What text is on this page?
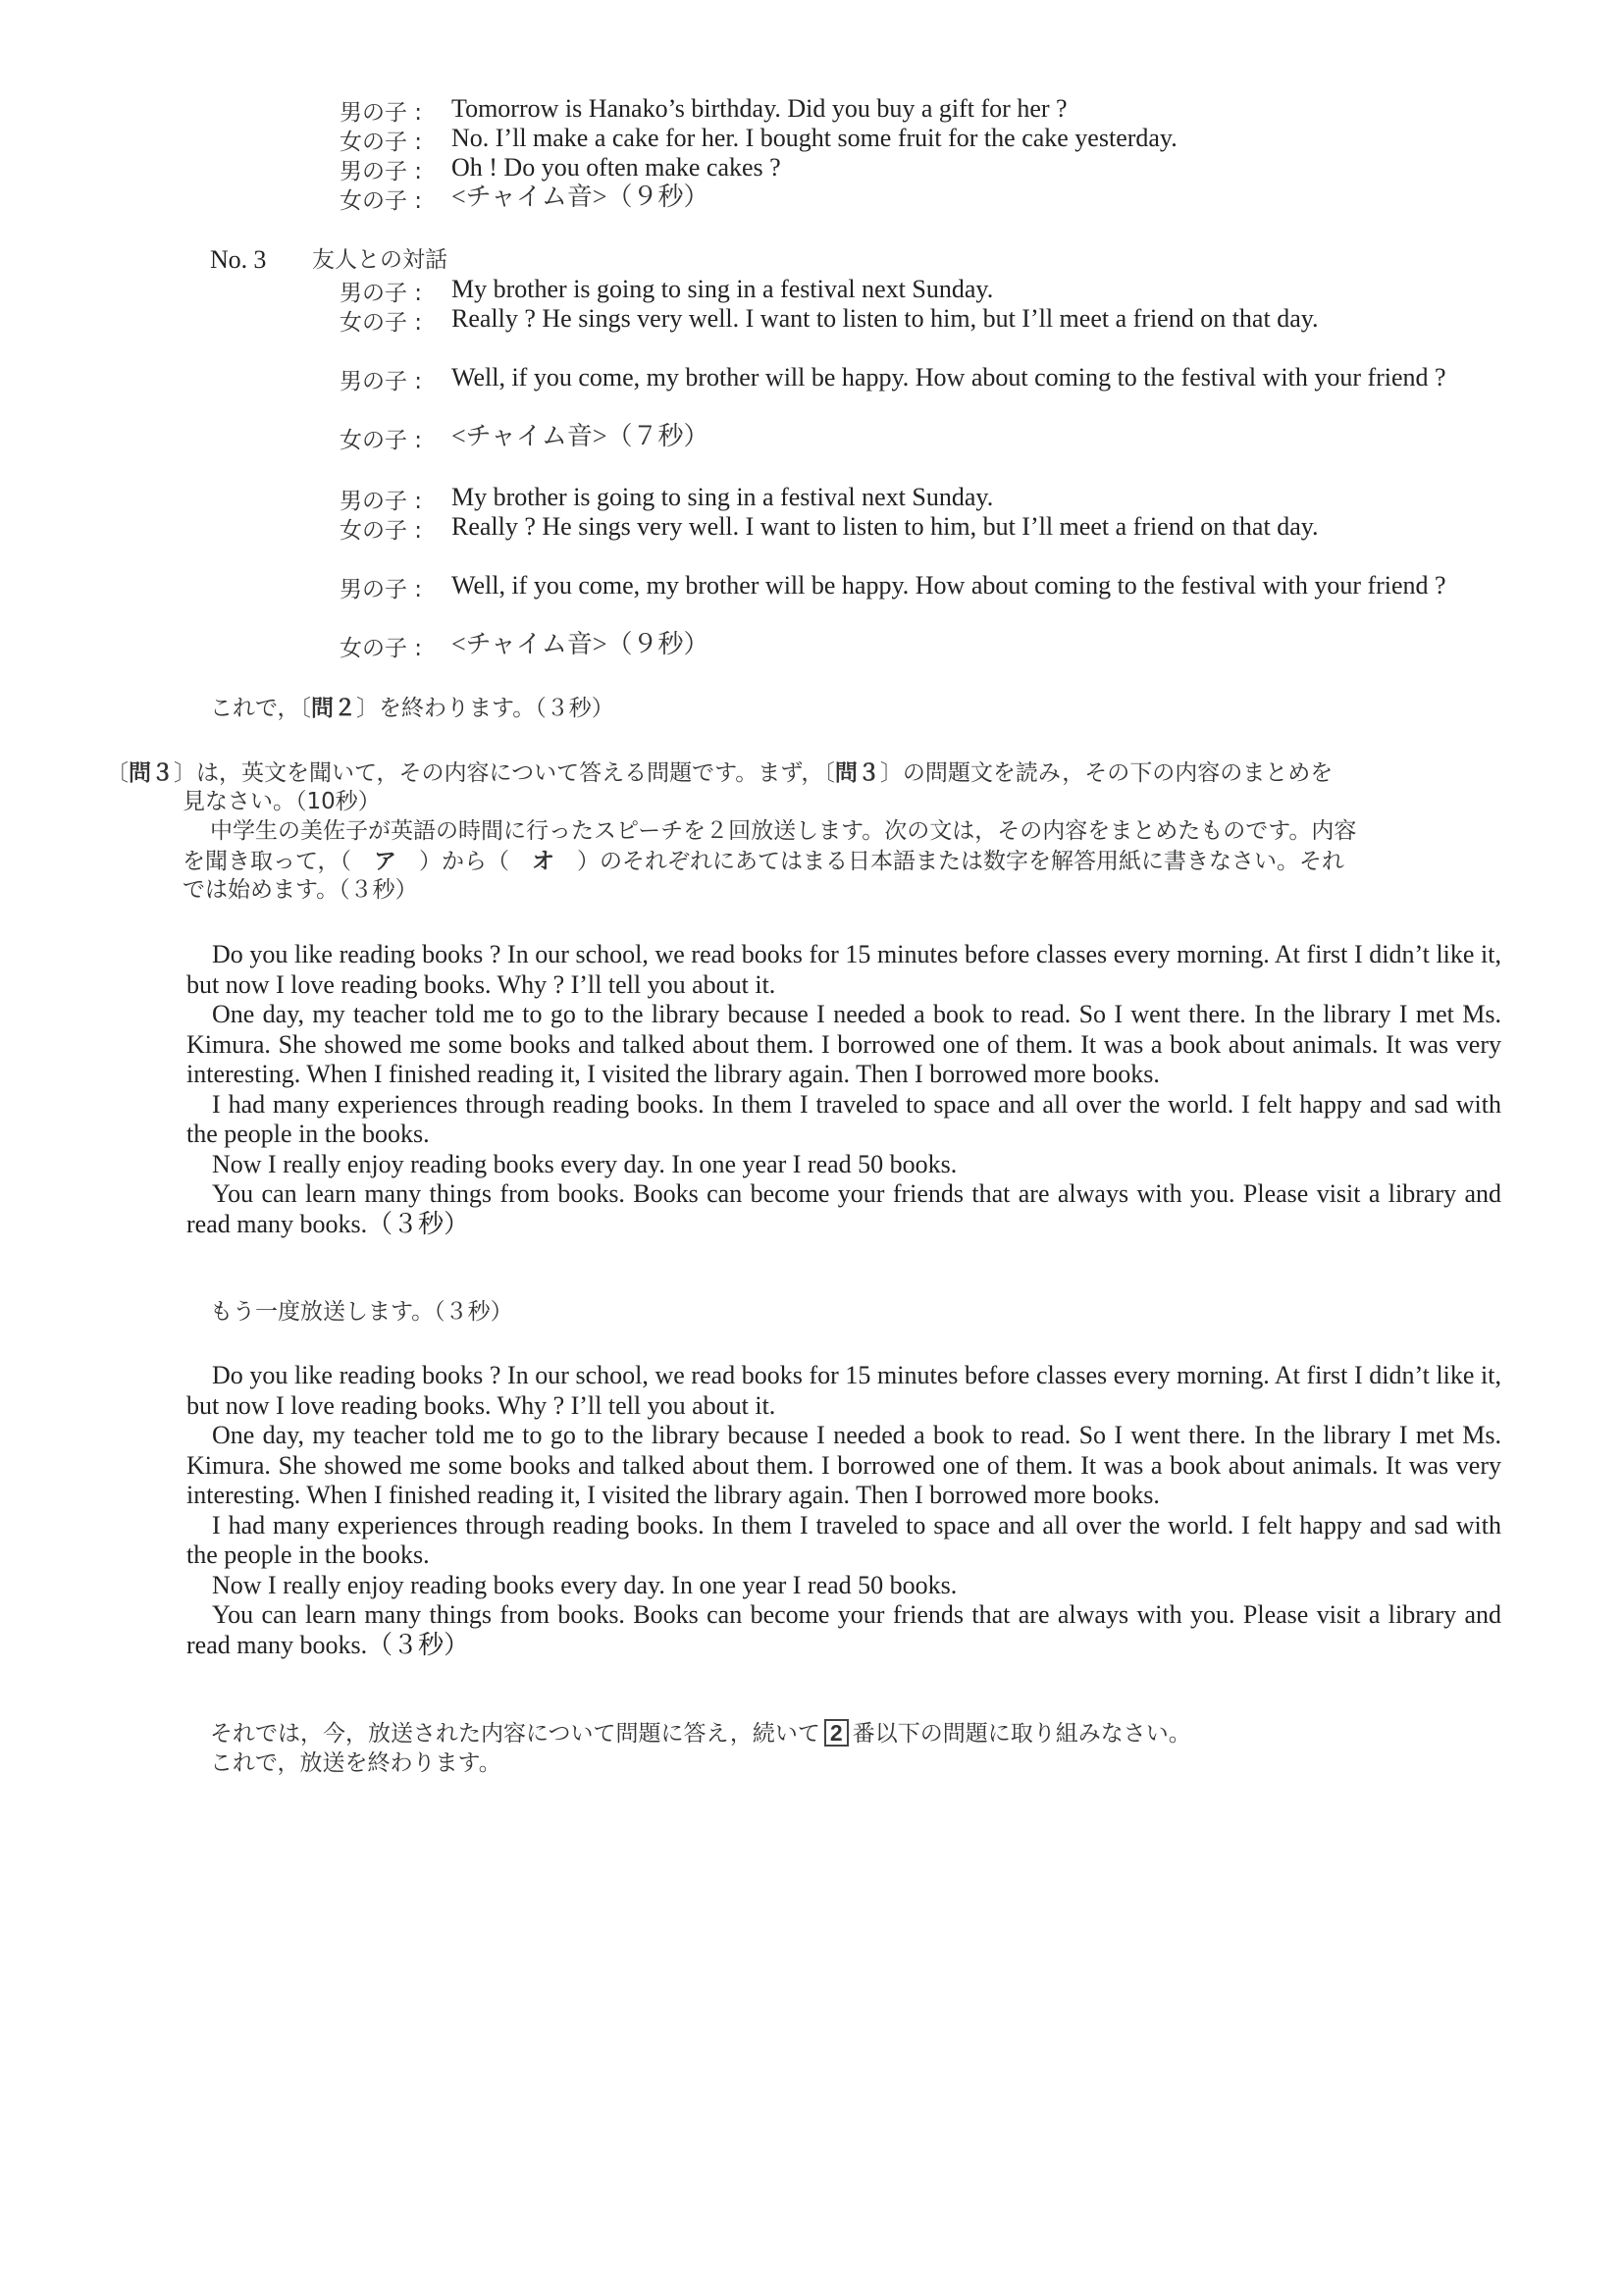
男の子 :	Tomorrow is Hanako’s birthday. Did you buy a gift for her ?
女の子 :	No. I’ll make a cake for her. I bought some fruit for the cake yesterday.
男の子 :	Oh ! Do you often make cakes ?
女の子 :	<チャイム音>（９秒）
No. 3 友人との対話
男の子 :	My brother is going to sing in a festival next Sunday.
女の子 :	Really ? He sings very well. I want to listen to him, but I’ll meet a friend on that day.
男の子 :	Well, if you come, my brother will be happy. How about coming to the festival with your friend ?
女の子 :	<チャイム音>（７秒）
男の子 :	My brother is going to sing in a festival next Sunday.
女の子 :	Really ? He sings very well. I want to listen to him, but I’ll meet a friend on that day.
男の子 :	Well, if you come, my brother will be happy. How about coming to the festival with your friend ?
女の子 :	<チャイム音>（９秒）
これで，〔問２〕を終わります。（３秒）
〔問３〕は，英文を聞いて，その内容について答える問題です。まず，〔問３〕の問題文を読み，その下の内容のまとめを
見なさい。（10秒）
中学生の美佐子が英語の時間に行ったスピーチを２回放送します。次の文は，その内容をまとめたものです。内容
を聞き取って，（　ア　）から（　オ　）のそれぞれにあてはまる日本語または数字を解答用紙に書きなさい。それ
では始めます。（３秒）

Do you like reading books ? In our school, we read books for 15 minutes before classes every morning. At first I didn’t like it, but now I love reading books. Why ? I’ll tell you about it.

One day, my teacher told me to go to the library because I needed a book to read. So I went there. In the library I met Ms. Kimura. She showed me some books and talked about them. I borrowed one of them. It was a book about animals. It was very interesting. When I finished reading it, I visited the library again. Then I borrowed more books.

I had many experiences through reading books. In them I traveled to space and all over the world. I felt happy and sad with the people in the books.

Now I really enjoy reading books every day. In one year I read 50 books.

You can learn many things from books. Books can become your friends that are always with you. Please visit a library and read many books.（３秒）

もう一度放送します。（３秒）

Do you like reading books ? In our school, we read books for 15 minutes before classes every morning. At first I didn’t like it, but now I love reading books. Why ? I’ll tell you about it.

One day, my teacher told me to go to the library because I needed a book to read. So I went there. In the library I met Ms. Kimura. She showed me some books and talked about them. I borrowed one of them. It was a book about animals. It was very interesting. When I finished reading it, I visited the library again. Then I borrowed more books.

I had many experiences through reading books. In them I traveled to space and all over the world. I felt happy and sad with the people in the books.

Now I really enjoy reading books every day. In one year I read 50 books.

You can learn many things from books. Books can become your friends that are always with you. Please visit a library and read many books.（３秒）

それでは，今，放送された内容について問題に答え，続いて 2 番以下の問題に取り組みなさい。
これで，放送を終わります。
